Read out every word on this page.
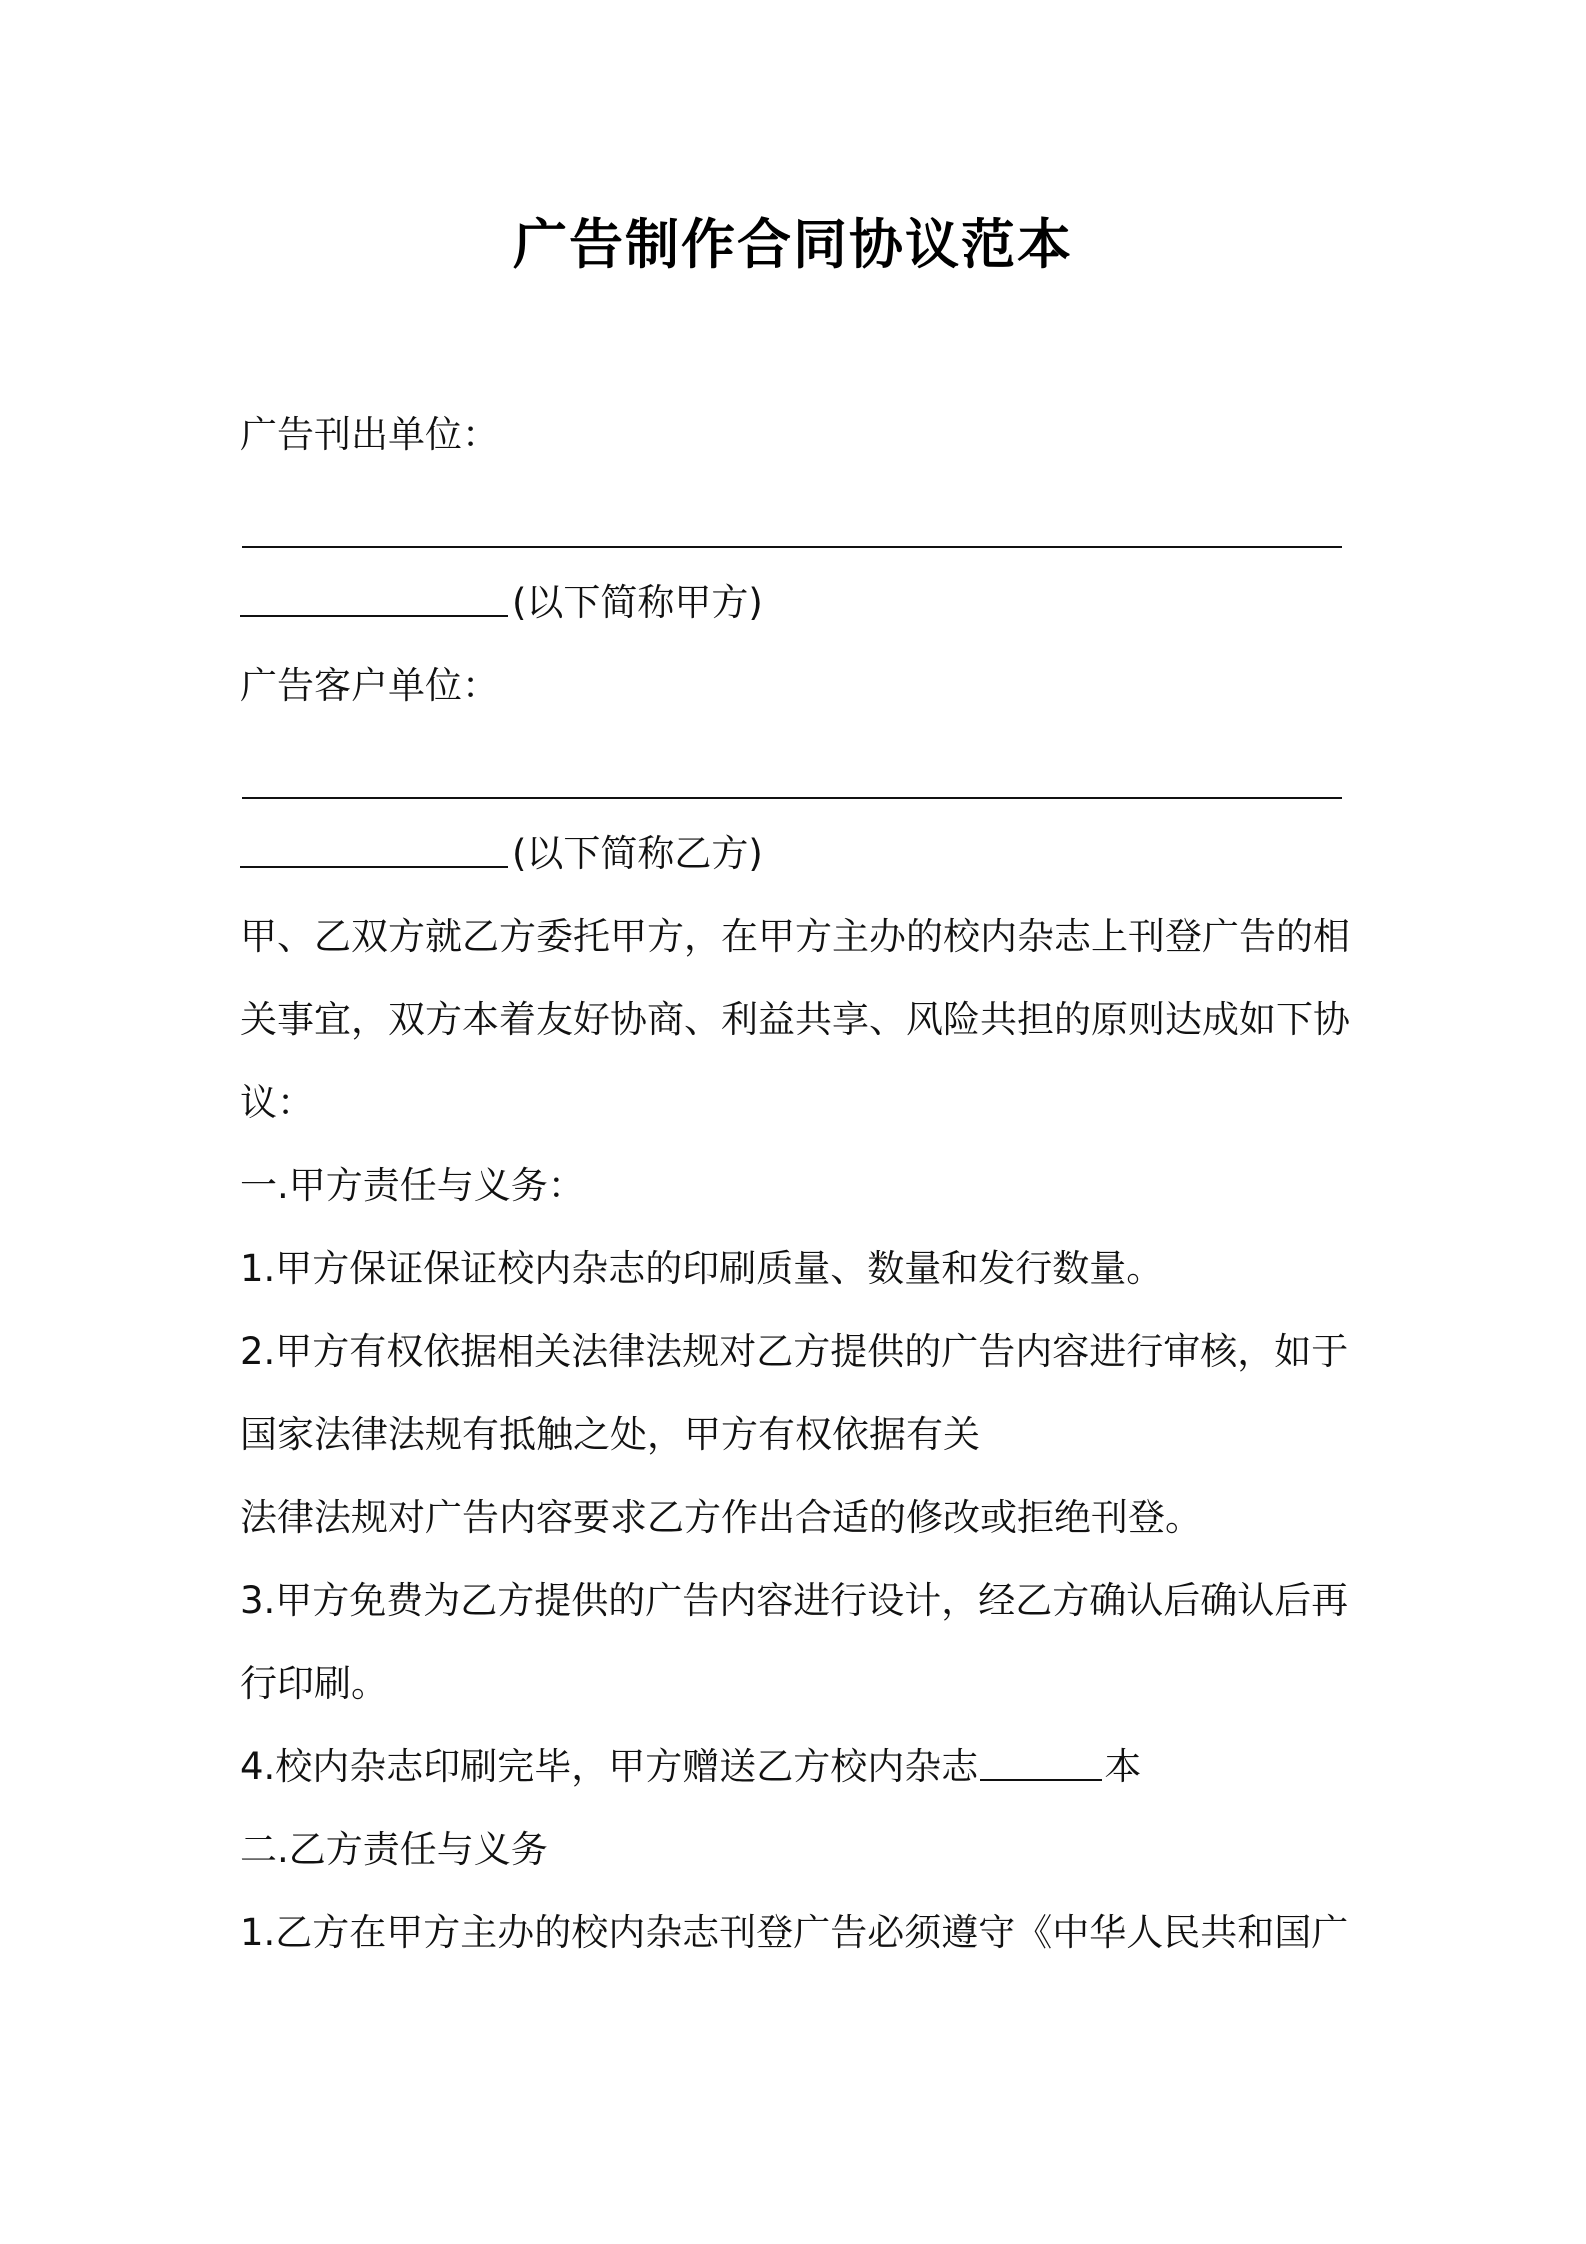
广告制作合同协议范本
广告刊出单位：
(以下简称甲方)
广告客户单位：
(以下简称乙方)
甲、乙双方就乙方委托甲方，在甲方主办的校内杂志上刊登广告的相
关事宜，双方本着友好协商、利益共享、风险共担的原则达成如下协
议：
一.甲方责任与义务：
1.甲方保证保证校内杂志的印刷质量、数量和发行数量。
2.甲方有权依据相关法律法规对乙方提供的广告内容进行审核，如于
国家法律法规有抵触之处，甲方有权依据有关
法律法规对广告内容要求乙方作出合适的修改或拒绝刊登。
3.甲方免费为乙方提供的广告内容进行设计，经乙方确认后确认后再
行印刷。
4.校内杂志印刷完毕，甲方赠送乙方校内杂志	本
二.乙方责任与义务
1.乙方在甲方主办的校内杂志刊登广告必须遵守《中华人民共和国广
